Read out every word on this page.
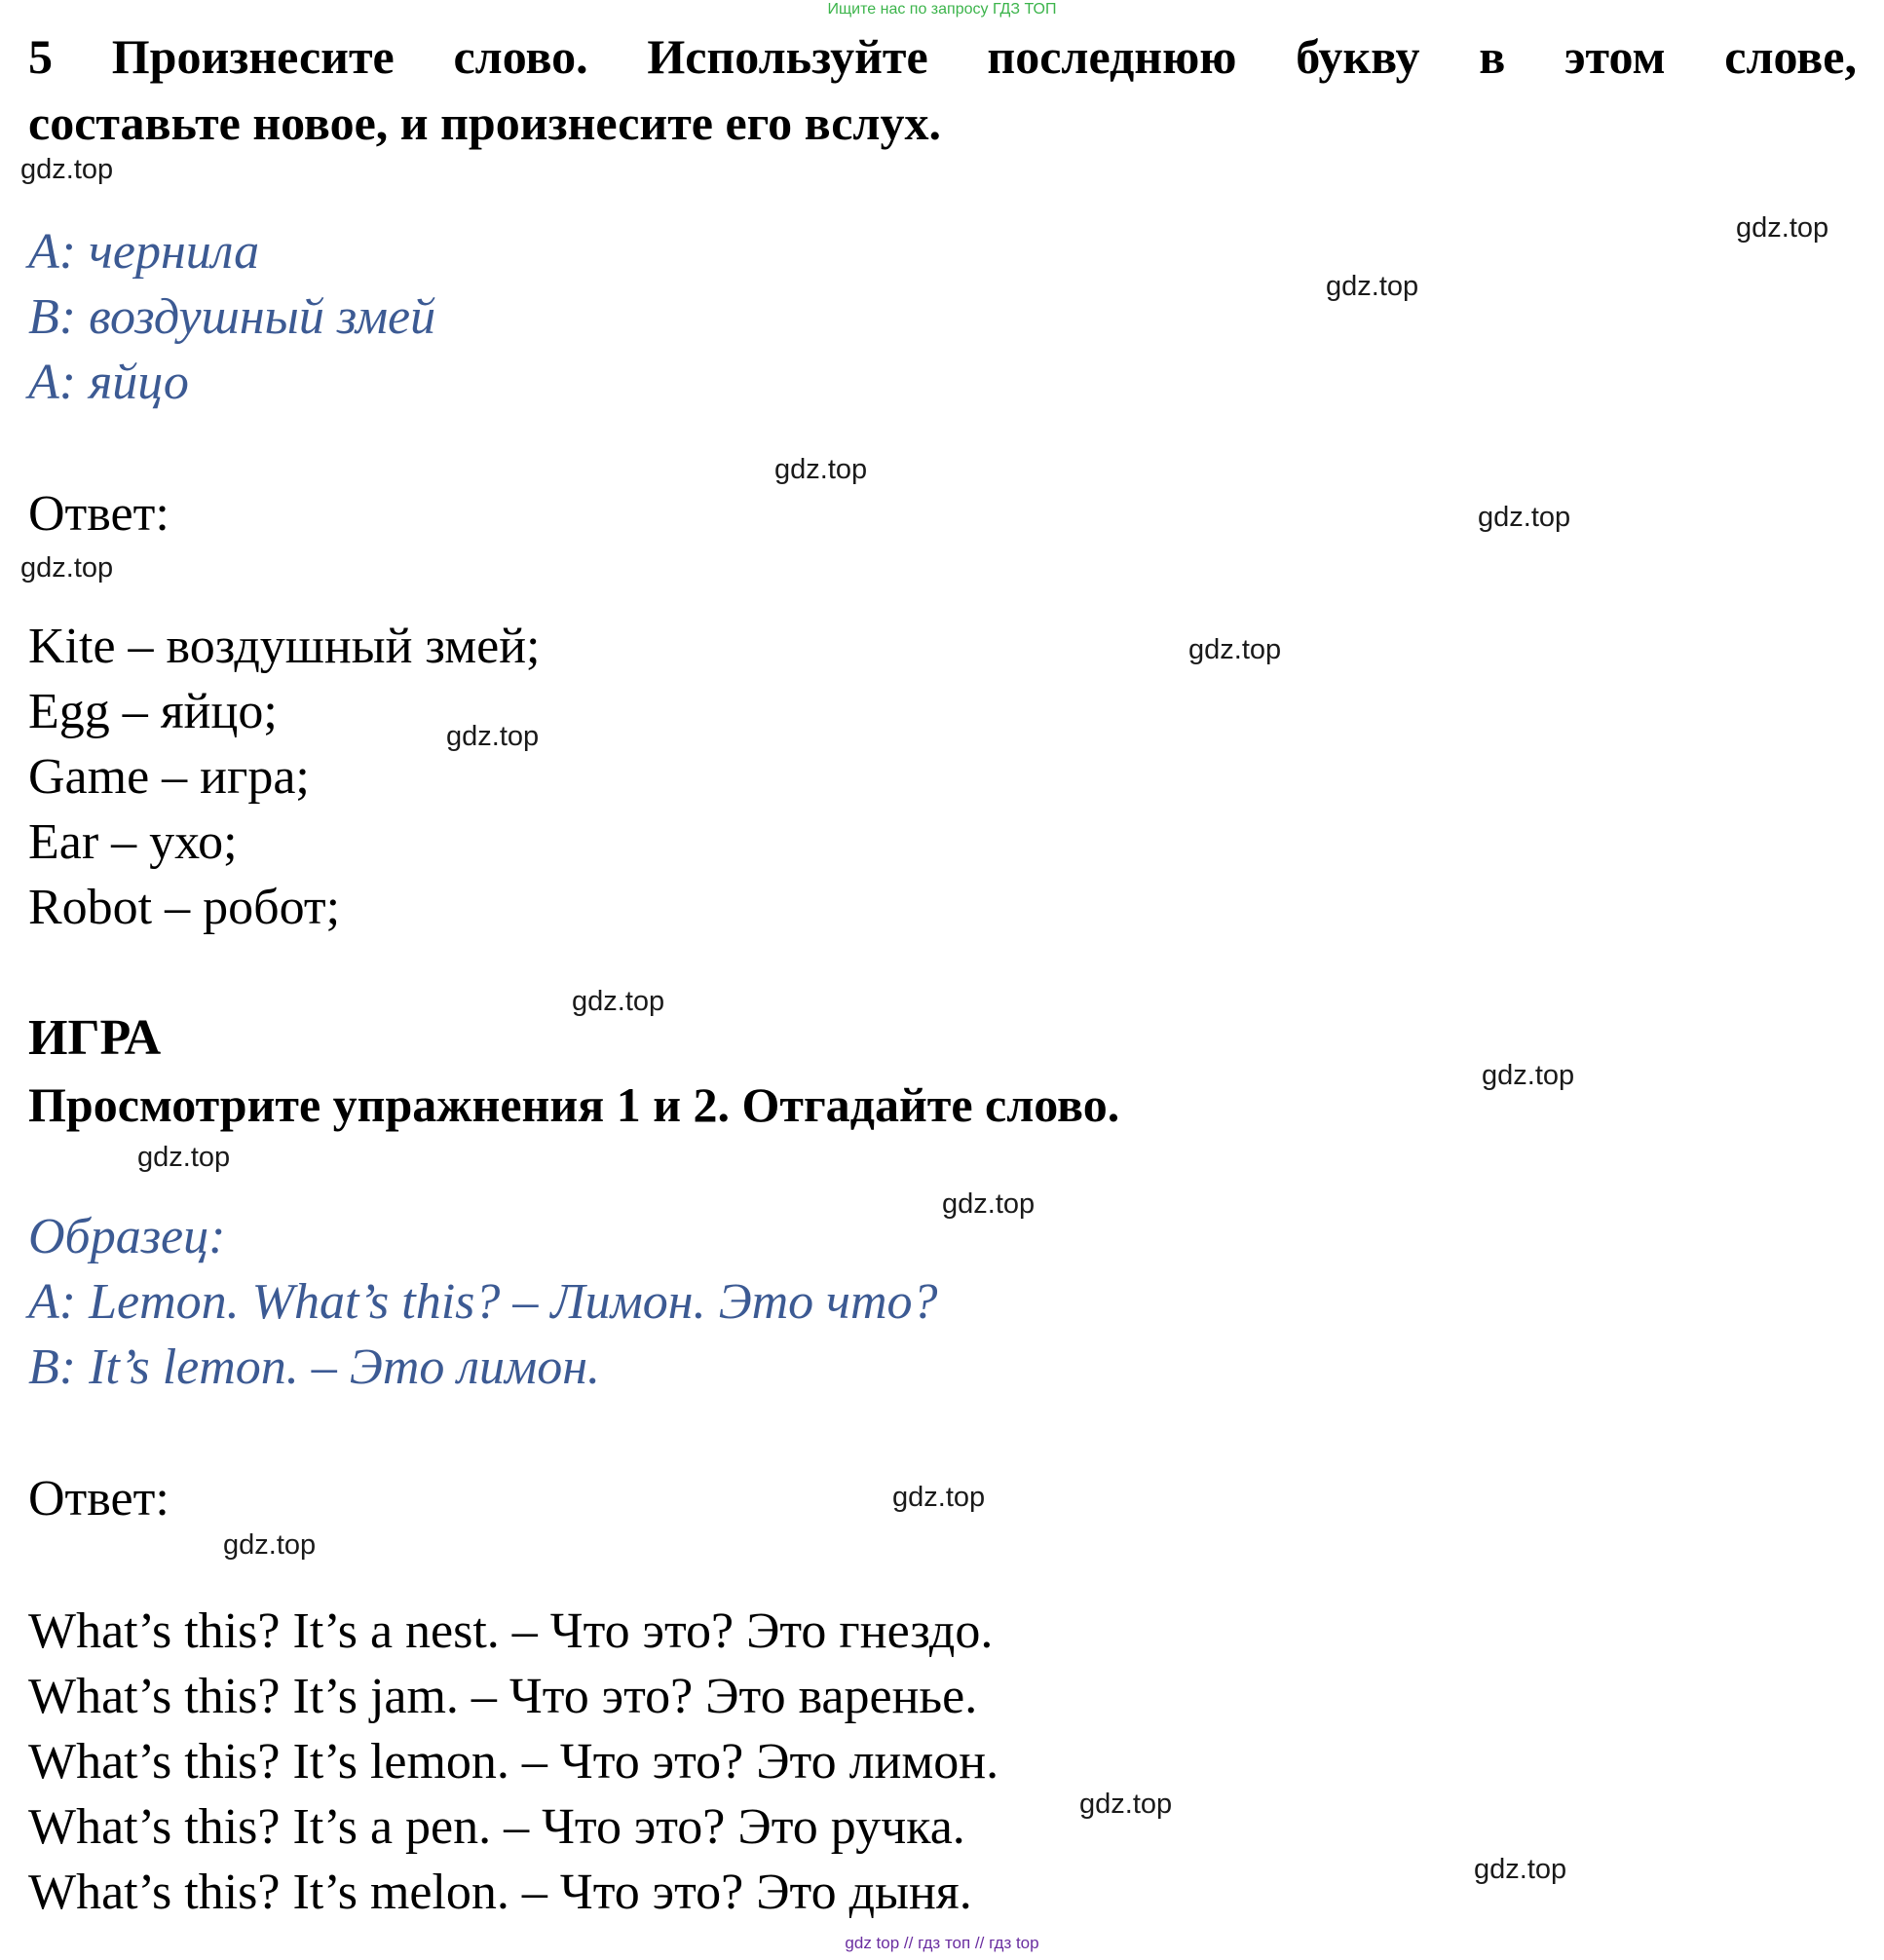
Ищите нас по запросу ГДЗ ТОП
5 Произнесите слово. Используйте последнюю букву в этом слове,
составьте новое, и произнесите его вслух.
A: чернила
B: воздушный змей
A: яйцо
Ответ:
Kite – воздушный змей;
Egg – яйцо;
Game – игра;
Ear – ухо;
Robot – робот;
ИГРА
Просмотрите упражнения 1 и 2. Отгадайте слово.
Образец:
A: Lemon. What’s this? – Лимон. Это что?
B: It’s lemon. – Это лимон.
Ответ:
What’s this? It’s a nest. – Что это? Это гнездо.
What’s this? It’s jam. – Что это? Это варенье.
What’s this? It’s lemon. – Что это? Это лимон.
What’s this? It’s a pen. – Что это? Это ручка.
What’s this? It’s melon. – Что это? Это дыня.
gdz.top
gdz.top
gdz.top
gdz.top
gdz.top
gdz.top
gdz.top
gdz.top
gdz.top
gdz.top
gdz.top
gdz.top
gdz.top
gdz.top
gdz.top
gdz.top
gdz top // гдз топ // гдз top
